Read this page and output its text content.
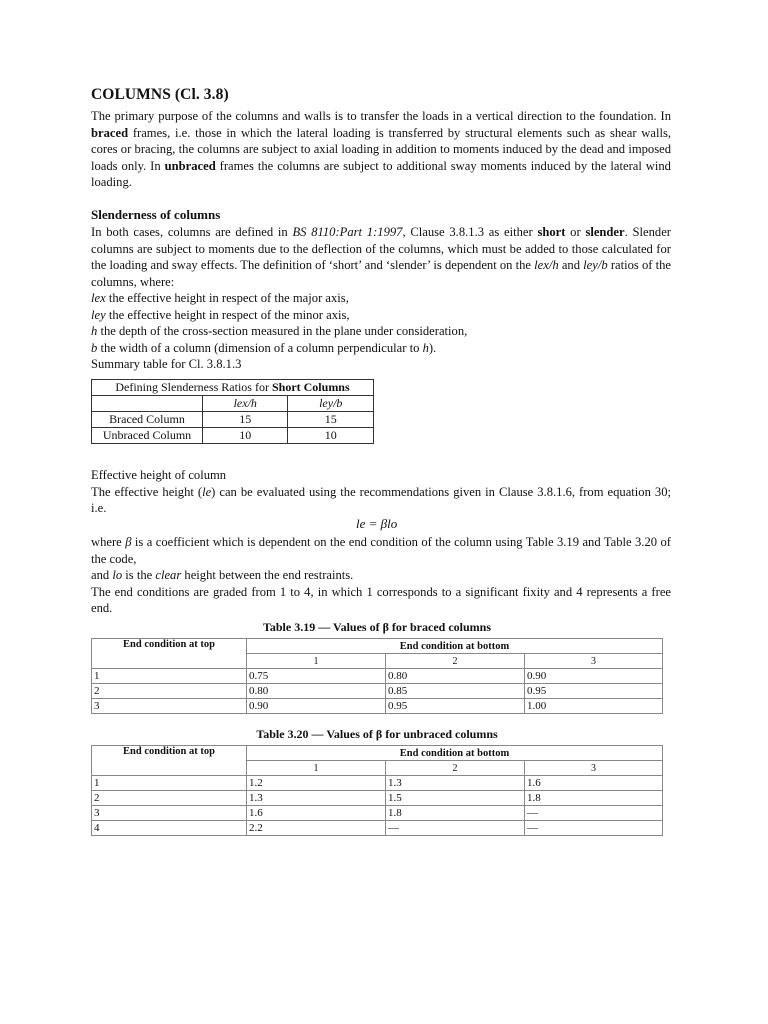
COLUMNS (Cl. 3.8)
The primary purpose of the columns and walls is to transfer the loads in a vertical direction to the foundation. In braced frames, i.e. those in which the lateral loading is transferred by structural elements such as shear walls, cores or bracing, the columns are subject to axial loading in addition to moments induced by the dead and imposed loads only. In unbraced frames the columns are subject to additional sway moments induced by the lateral wind loading.
Slenderness of columns
In both cases, columns are defined in BS 8110:Part 1:1997, Clause 3.8.1.3 as either short or slender. Slender columns are subject to moments due to the deflection of the columns, which must be added to those calculated for the loading and sway effects. The definition of ‘short’ and ‘slender’ is dependent on the lex/h and ley/b ratios of the columns, where:
lex the effective height in respect of the major axis,
ley the effective height in respect of the minor axis,
h the depth of the cross-section measured in the plane under consideration,
b the width of a column (dimension of a column perpendicular to h).
Summary table for Cl. 3.8.1.3
Defining Slenderness Ratios for Short Columns		
	lex/h	ley/b
Braced Column	15	15
Unbraced Column	10	10
Effective height of column
The effective height (le) can be evaluated using the recommendations given in Clause 3.8.1.6, from equation 30; i.e.
le = βlo
where β is a coefficient which is dependent on the end condition of the column using Table 3.19 and Table 3.20 of the code,
and lo is the clear height between the end restraints.
The end conditions are graded from 1 to 4, in which 1 corresponds to a significant fixity and 4 represents a free end.
Table 3.19 — Values of β for braced columns
End condition at top	End condition at bottom		
	1	2	3
1	0.75	0.80	0.90
2	0.80	0.85	0.95
3	0.90	0.95	1.00
Table 3.20 — Values of β for unbraced columns
End condition at top	End condition at bottom		
	1	2	3
1	1.2	1.3	1.6
2	1.3	1.5	1.8
3	1.6	1.8	—
4	2.2	—	—
